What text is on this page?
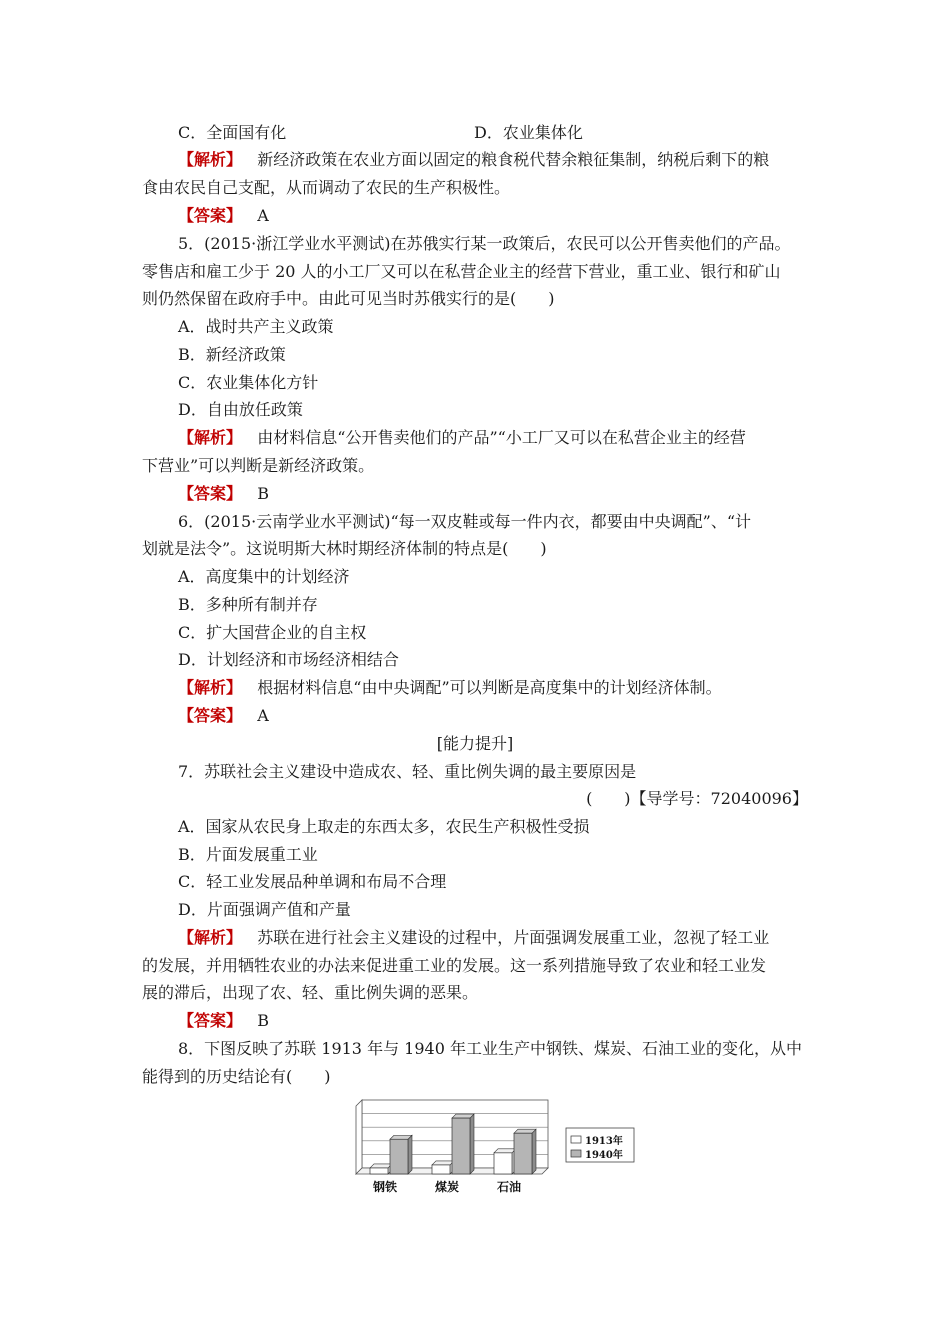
C．全面国有化	D．农业集体化
【解析】 新经济政策在农业方面以固定的粮食税代替余粮征集制，纳税后剩下的粮
食由农民自己支配，从而调动了农民的生产积极性。
【答案】 A
5．(2015·浙江学业水平测试)在苏俄实行某一政策后，农民可以公开售卖他们的产品。
零售店和雇工少于 20 人的小工厂又可以在私营企业主的经营下营业，重工业、银行和矿山
则仍然保留在政府手中。由此可见当时苏俄实行的是(　　)
A．战时共产主义政策
B．新经济政策
C．农业集体化方针
D．自由放任政策
【解析】 由材料信息“公开售卖他们的产品”“小工厂又可以在私营企业主的经营
下营业”可以判断是新经济政策。
【答案】 B
6．(2015·云南学业水平测试)“每一双皮鞋或每一件内衣，都要由中央调配”、“计
划就是法令”。这说明斯大林时期经济体制的特点是(　　)
A．高度集中的计划经济
B．多种所有制并存
C．扩大国营企业的自主权
D．计划经济和市场经济相结合
【解析】 根据材料信息“由中央调配”可以判断是高度集中的计划经济体制。
【答案】 A
[能力提升]
7．苏联社会主义建设中造成农、轻、重比例失调的最主要原因是
(　　)【导学号：72040096】
A．国家从农民身上取走的东西太多，农民生产积极性受损
B．片面发展重工业
C．轻工业发展品种单调和布局不合理
D．片面强调产值和产量
【解析】 苏联在进行社会主义建设的过程中，片面强调发展重工业，忽视了轻工业
的发展，并用牺牲农业的办法来促进重工业的发展。这一系列措施导致了农业和轻工业发
展的滞后，出现了农、轻、重比例失调的恶果。
【答案】 B
8．下图反映了苏联 1913 年与 1940 年工业生产中钢铁、煤炭、石油工业的变化，从中
能得到的历史结论有(　　)
钢铁	煤炭	石油
1913年
1940年
